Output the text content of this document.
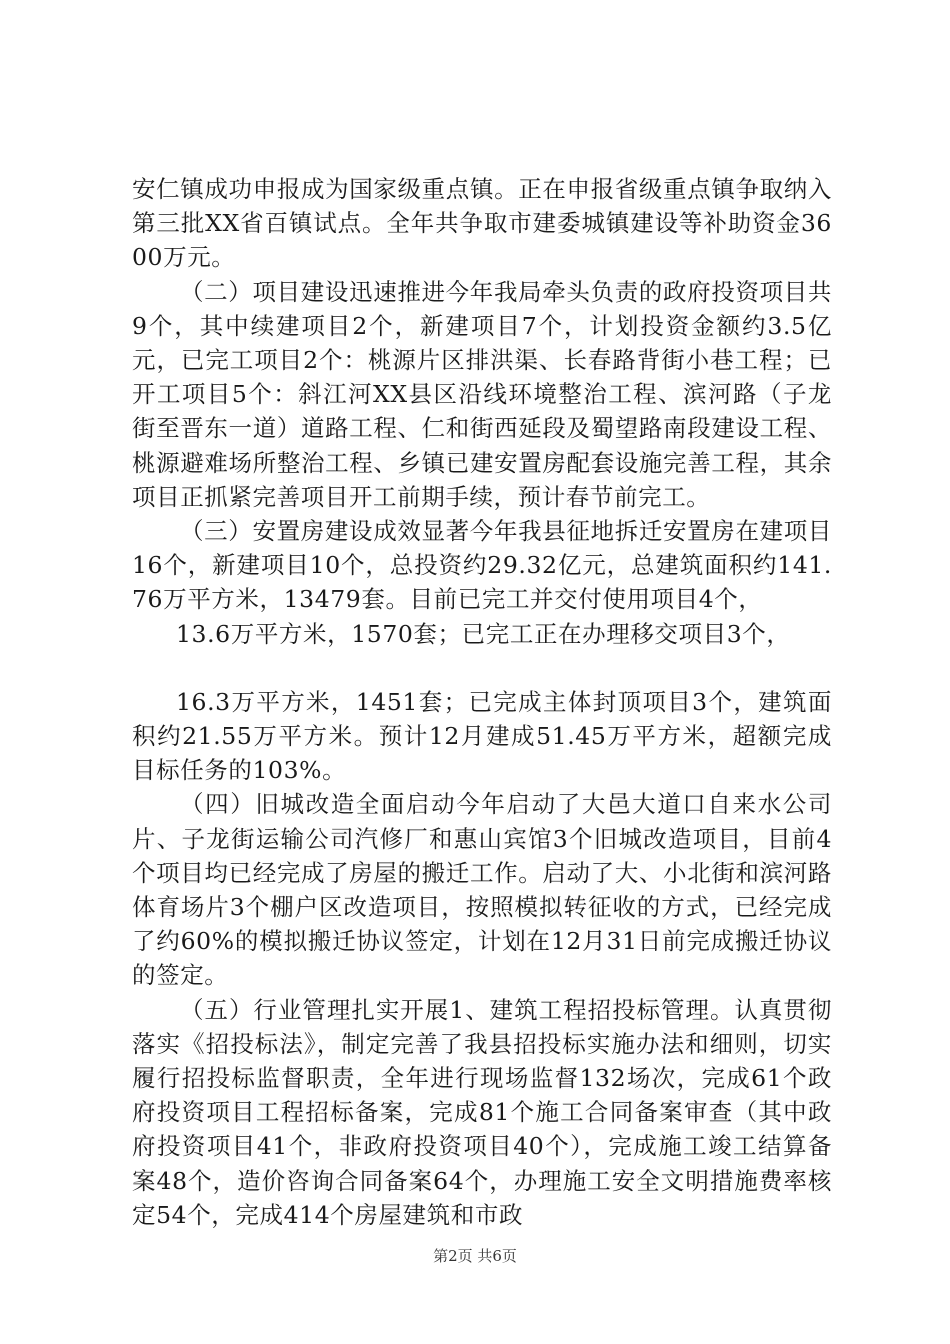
安仁镇成功申报成为国家级重点镇。正在申报省级重点镇争取纳入第三批XX省百镇试点。全年共争取市建委城镇建设等补助资金3600万元。

（二）项目建设迅速推进今年我局牵头负责的政府投资项目共9个，其中续建项目2个，新建项目7个，计划投资金额约3.5亿元，已完工项目2个：桃源片区排洪渠、长春路背街小巷工程；已开工项目5个：斜江河XX县区沿线环境整治工程、滨河路（子龙街至晋东一道）道路工程、仁和街西延段及蜀望路南段建设工程、桃源避难场所整治工程、乡镇已建安置房配套设施完善工程，其余项目正抓紧完善项目开工前期手续，预计春节前完工。

（三）安置房建设成效显著今年我县征地拆迁安置房在建项目16个，新建项目10个，总投资约29.32亿元，总建筑面积约141.76万平方米，13479套。目前已完工并交付使用项目4个，

13.6万平方米，1570套；已完工正在办理移交项目3个，

16.3万平方米，1451套；已完成主体封顶项目3个，建筑面积约21.55万平方米。预计12月建成51.45万平方米，超额完成目标任务的103%。

（四）旧城改造全面启动今年启动了大邑大道口自来水公司片、子龙街运输公司汽修厂和惠山宾馆3个旧城改造项目，目前4个项目均已经完成了房屋的搬迁工作。启动了大、小北街和滨河路体育场片3个棚户区改造项目，按照模拟转征收的方式，已经完成了约60%的模拟搬迁协议签定，计划在12月31日前完成搬迁协议的签定。

（五）行业管理扎实开展1、建筑工程招投标管理。认真贯彻落实《招投标法》，制定完善了我县招投标实施办法和细则，切实履行招投标监督职责，全年进行现场监督132场次，完成61个政府投资项目工程招标备案，完成81个施工合同备案审查（其中政府投资项目41个，非政府投资项目40个），完成施工竣工结算备案48个，造价咨询合同备案64个，办理施工安全文明措施费率核定54个，完成414个房屋建筑和市政

第2页 共6页
